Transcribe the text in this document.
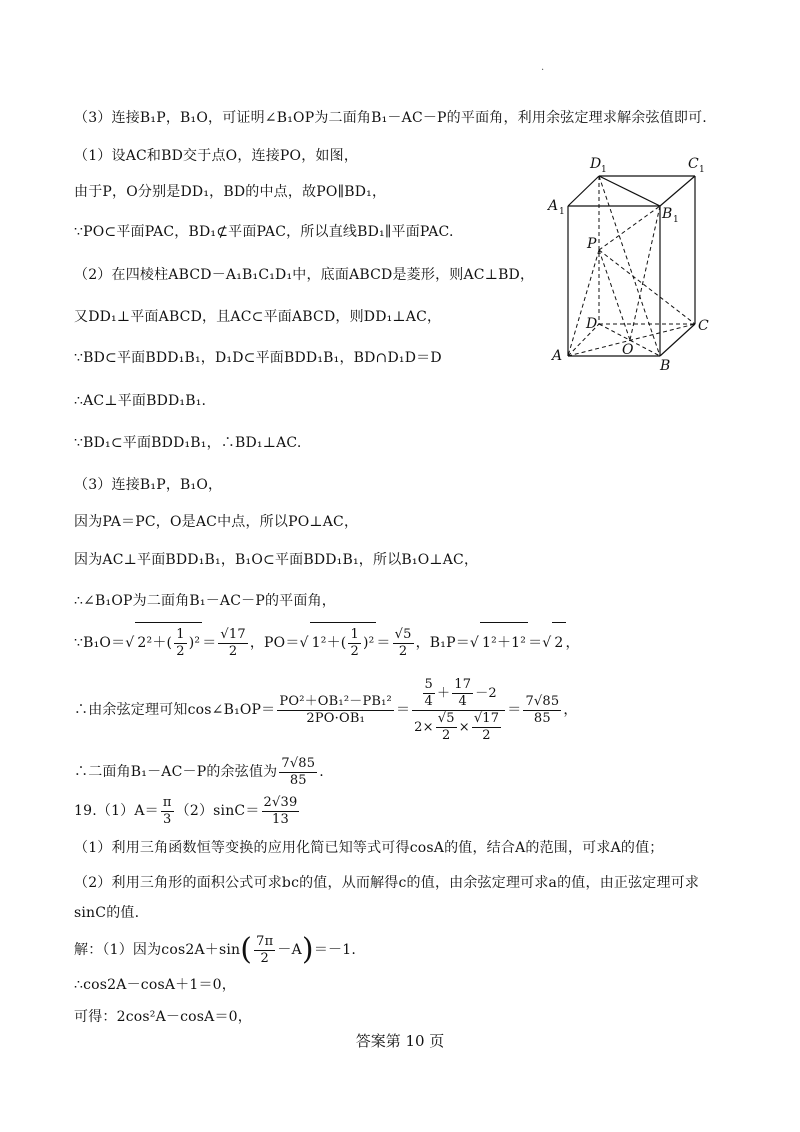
.
（3）连接B₁P，B₁O，可证明∠B₁OP为二面角B₁－AC－P的平面角，利用余弦定理求解余弦值即可.
（1）设AC和BD交于点O，连接PO，如图，
由于P，O分别是DD₁，BD的中点，故PO∥BD₁，
∵PO⊂平面PAC，BD₁⊄平面PAC，所以直线BD₁∥平面PAC.
（2）在四棱柱ABCD－A₁B₁C₁D₁中，底面ABCD是菱形，则AC⊥BD，
又DD₁⊥平面ABCD，且AC⊂平面ABCD，则DD₁⊥AC，
∵BD⊂平面BDD₁B₁，D₁D⊂平面BDD₁B₁，BD∩D₁D＝D
∴AC⊥平面BDD₁B₁.
∵BD₁⊂平面BDD₁B₁，∴BD₁⊥AC.
（3）连接B₁P，B₁O，
因为PA＝PC，O是AC中点，所以PO⊥AC，
因为AC⊥平面BDD₁B₁，B₁O⊂平面BDD₁B₁，所以B₁O⊥AC，
∴∠B₁OP为二面角B₁－AC－P的平面角，
∵B₁O＝√ $2^2+( \frac{1}{2} )^2 = \frac{√17}{2}$ ，PO＝√ $1^2+( \frac{1}{2} )^2 = \frac{√5}{2}$ ，B₁P＝√ 1²＋1² ＝√ 2 ，
∴由余弦定理可知cos∠B₁OP＝ $\frac{\text{PO²＋OB₁²－PB₁²}}{\text{2PO·OB₁}} = \frac{\frac{5}{4} + \frac{17}{4} -2}{2\times \frac{√5}{2} \times \frac{√17}{2}} = \frac{7√85}{85}$ ，
∴二面角B₁－AC－P的余弦值为 $\frac{7√85}{85}$ .
$19.(1)A= \frac{\pi}{3} (2)\sin C= \frac{2√39}{13}$
（1）利用三角函数恒等变换的应用化简已知等式可得cosA的值，结合A的范围，可求A的值；
（2）利用三角形的面积公式可求bc的值，从而解得c的值，由余弦定理可求a的值，由正弦定理可求
sinC的值.
解：（1）因为$\cos 2A+\sin( \frac{7\pi}{2} -A)=-1$.
∴cos2A－cosA＋1＝0，
可得：2cos²A－cosA＝0，
答案第 10 页
D 1	C 1
A 1	B 1
P
D	C
O
A
B
